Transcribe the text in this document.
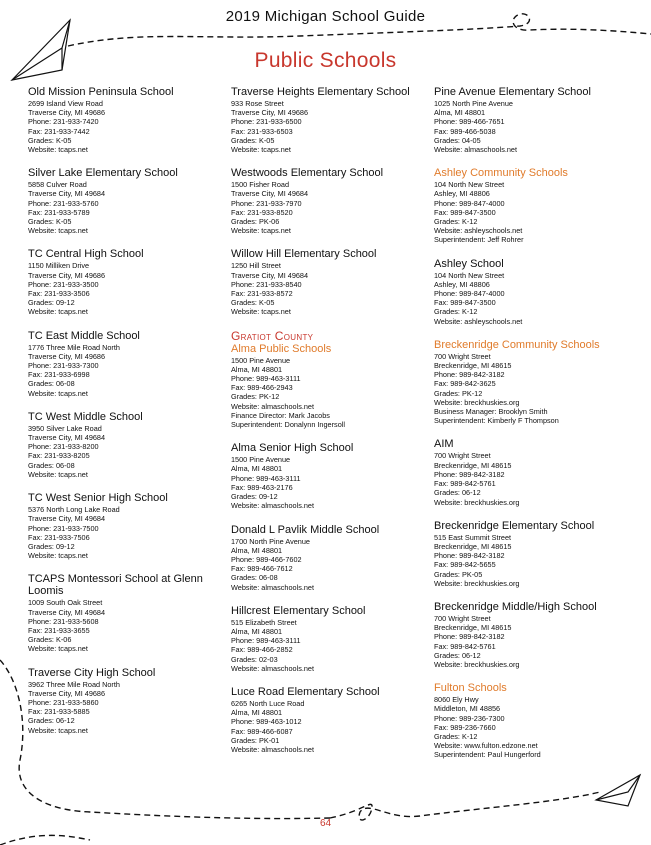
2019 Michigan School Guide
Public Schools
Old Mission Peninsula School
2699 Island View Road
Traverse City, MI 49686
Phone: 231-933-7420
Fax: 231-933-7442
Grades: K-05
Website: tcaps.net
Silver Lake Elementary School
5858 Culver Road
Traverse City, MI 49684
Phone: 231-933-5760
Fax: 231-933-5789
Grades: K-05
Website: tcaps.net
TC Central High School
1150 Milliken Drive
Traverse City, MI 49686
Phone: 231-933-3500
Fax: 231-933-3506
Grades: 09-12
Website: tcaps.net
TC East Middle School
1776 Three Mile Road North
Traverse City, MI 49686
Phone: 231-933-7300
Fax: 231-933-6998
Grades: 06-08
Website: tcaps.net
TC West Middle School
3950 Silver Lake Road
Traverse City, MI 49684
Phone: 231-933-8200
Fax: 231-933-8205
Grades: 06-08
Website: tcaps.net
TC West Senior High School
5376 North Long Lake Road
Traverse City, MI 49684
Phone: 231-933-7500
Fax: 231-933-7506
Grades: 09-12
Website: tcaps.net
TCAPS Montessori School at Glenn Loomis
1009 South Oak Street
Traverse City, MI 49684
Phone: 231-933-5608
Fax: 231-933-3655
Grades: K-06
Website: tcaps.net
Traverse City High School
3962 Three Mile Road North
Traverse City, MI 49686
Phone: 231-933-5860
Fax: 231-933-5885
Grades: 06-12
Website: tcaps.net
Traverse Heights Elementary School
933 Rose Street
Traverse City, MI 49686
Phone: 231-933-6500
Fax: 231-933-6503
Grades: K-05
Website: tcaps.net
Westwoods Elementary School
1500 Fisher Road
Traverse City, MI 49684
Phone: 231-933-7970
Fax: 231-933-8520
Grades: PK-06
Website: tcaps.net
Willow Hill Elementary School
1250 Hill Street
Traverse City, MI 49684
Phone: 231-933-8540
Fax: 231-933-8572
Grades: K-05
Website: tcaps.net
Gratiot County
Alma Public Schools
1500 Pine Avenue
Alma, MI 48801
Phone: 989-463-3111
Fax: 989-466-2943
Grades: PK-12
Website: almaschools.net
Finance Director: Mark Jacobs
Superintendent: Donalynn Ingersoll
Alma Senior High School
1500 Pine Avenue
Alma, MI 48801
Phone: 989-463-3111
Fax: 989-463-2176
Grades: 09-12
Website: almaschools.net
Donald L Pavlik Middle School
1700 North Pine Avenue
Alma, MI 48801
Phone: 989-466-7602
Fax: 989-466-7612
Grades: 06-08
Website: almaschools.net
Hillcrest Elementary School
515 Elizabeth Street
Alma, MI 48801
Phone: 989-463-3111
Fax: 989-466-2852
Grades: 02-03
Website: almaschools.net
Luce Road Elementary School
6265 North Luce Road
Alma, MI 48801
Phone: 989-463-1012
Fax: 989-466-6087
Grades: PK-01
Website: almaschools.net
Pine Avenue Elementary School
1025 North Pine Avenue
Alma, MI 48801
Phone: 989-466-7651
Fax: 989-466-5038
Grades: 04-05
Website: almaschools.net
Ashley Community Schools
104 North New Street
Ashley, MI 48806
Phone: 989-847-4000
Fax: 989-847-3500
Grades: K-12
Website: ashleyschools.net
Superintendent: Jeff Rohrer
Ashley School
104 North New Street
Ashley, MI 48806
Phone: 989-847-4000
Fax: 989-847-3500
Grades: K-12
Website: ashleyschools.net
Breckenridge Community Schools
700 Wright Street
Breckenridge, MI 48615
Phone: 989-842-3182
Fax: 989-842-3625
Grades: PK-12
Website: breckhuskies.org
Business Manager: Brooklyn Smith
Superintendent: Kimberly F Thompson
AIM
700 Wright Street
Breckenridge, MI 48615
Phone: 989-842-3182
Fax: 989-842-5761
Grades: 06-12
Website: breckhuskies.org
Breckenridge Elementary School
515 East Summit Street
Breckenridge, MI 48615
Phone: 989-842-3182
Fax: 989-842-5655
Grades: PK-05
Website: breckhuskies.org
Breckenridge Middle/High School
700 Wright Street
Breckenridge, MI 48615
Phone: 989-842-3182
Fax: 989-842-5761
Grades: 06-12
Website: breckhuskies.org
Fulton Schools
8060 Ely Hwy
Middleton, MI 48856
Phone: 989-236-7300
Fax: 989-236-7660
Grades: K-12
Website: www.fulton.edzone.net
Superintendent: Paul Hungerford
64
